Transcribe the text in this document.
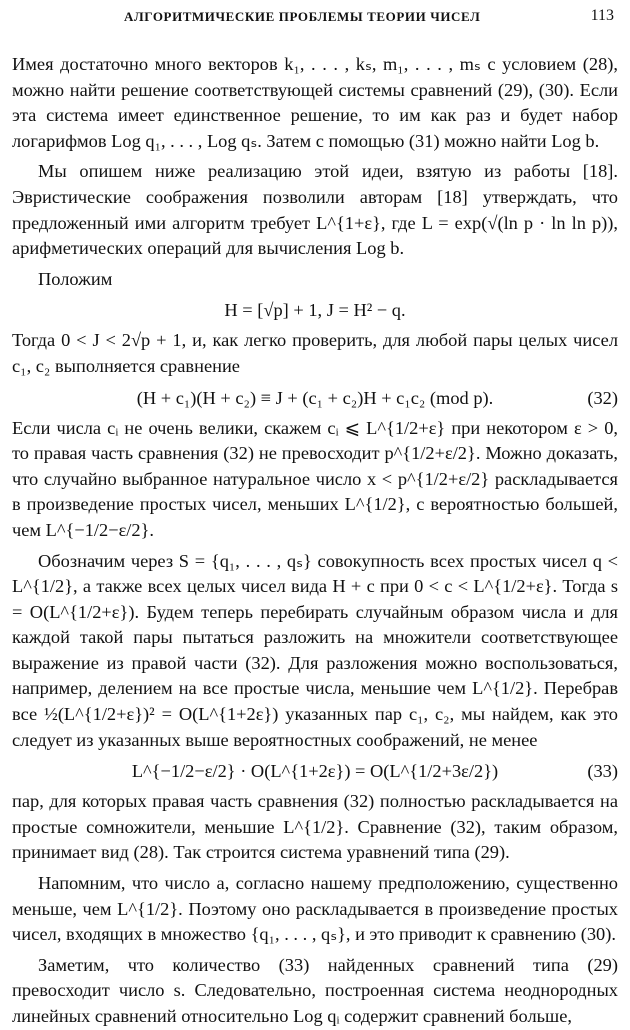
АЛГОРИТМИЧЕСКИЕ ПРОБЛЕМЫ ТЕОРИИ ЧИСЕЛ	113

Имея достаточно много векторов k₁, . . . , kₛ, m₁, . . . , mₛ с условием (28), можно найти решение соответствующей системы сравнений (29), (30). Если эта система имеет единственное решение, то им как раз и будет набор логарифмов Log q₁, . . . , Log qₛ. Затем с помощью (31) можно найти Log b.

Мы опишем ниже реализацию этой идеи, взятую из работы [18]. Эвристические соображения позволили авторам [18] утверждать, что предложенный ими алгоритм требует L^{1+ε}, где L = exp(√(ln p · ln ln p)), арифметических операций для вычисления Log b.

Положим

H = [√p] + 1, J = H² − q.

Тогда 0 < J < 2√p + 1, и, как легко проверить, для любой пары целых чисел c₁, c₂ выполняется сравнение

(H + c₁)(H + c₂) ≡ J + (c₁ + c₂)H + c₁c₂ (mod p).	(32)

Если числа cᵢ не очень велики, скажем cᵢ ⩽ L^{1/2+ε} при некотором ε > 0, то правая часть сравнения (32) не превосходит p^{1/2+ε/2}. Можно доказать, что случайно выбранное натуральное число x < p^{1/2+ε/2} раскладывается в произведение простых чисел, меньших L^{1/2}, с вероятностью большей, чем L^{−1/2−ε/2}.

Обозначим через S = {q₁, . . . , qₛ} совокупность всех простых чисел q < L^{1/2}, а также всех целых чисел вида H + c при 0 < c < L^{1/2+ε}. Тогда s = O(L^{1/2+ε}). Будем теперь перебирать случайным образом числа и для каждой такой пары пытаться разложить на множители соответствующее выражение из правой части (32). Для разложения можно воспользоваться, например, делением на все простые числа, меньшие чем L^{1/2}. Перебрав все ½(L^{1/2+ε})² = O(L^{1+2ε}) указанных пар c₁, c₂, мы найдем, как это следует из указанных выше вероятностных соображений, не менее

L^{−1/2−ε/2} · O(L^{1+2ε}) = O(L^{1/2+3ε/2})	(33)

пар, для которых правая часть сравнения (32) полностью раскладывается на простые сомножители, меньшие L^{1/2}. Сравнение (32), таким образом, принимает вид (28). Так строится система уравнений типа (29).

Напомним, что число a, согласно нашему предположению, существенно меньше, чем L^{1/2}. Поэтому оно раскладывается в произведение простых чисел, входящих в множество {q₁, . . . , qₛ}, и это приводит к сравнению (30).

Заметим, что количество (33) найденных сравнений типа (29) превосходит число s. Следовательно, построенная система неоднородных линейных сравнений относительно Log qᵢ содержит сравнений больше,
